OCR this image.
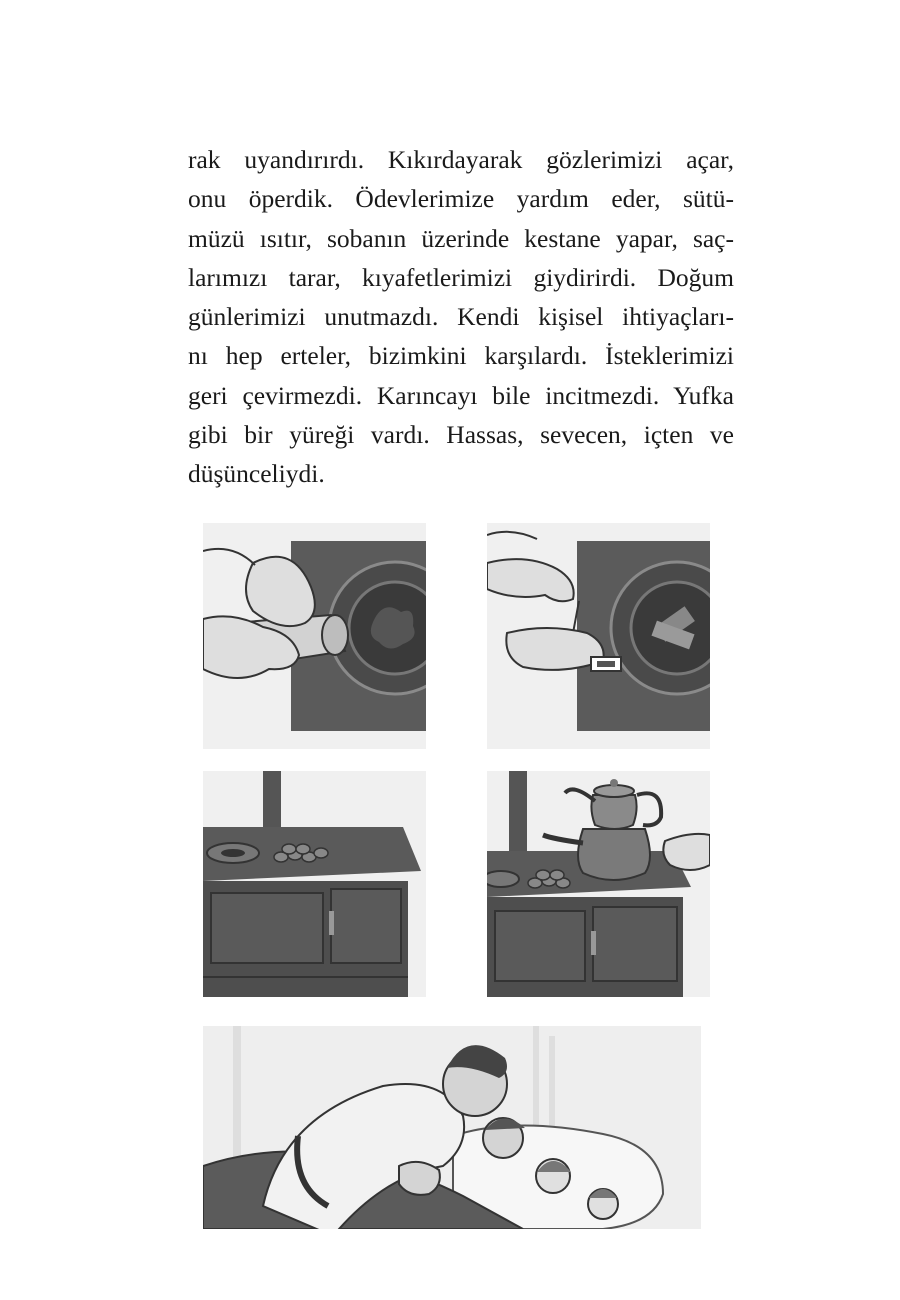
rak uyandırırdı. Kıkırdayarak gözlerimizi açar,
onu öperdik. Ödevlerimize yardım eder, sütü-
müzü ısıtır, sobanın üzerinde kestane yapar, saç-
larımızı tarar, kıyafetlerimizi giydirirdi. Doğum
günlerimizi unutmazdı. Kendi kişisel ihtiyaçları-
nı hep erteler, bizimkini karşılardı. İsteklerimizi
geri çevirmezdi. Karıncayı bile incitmezdi. Yufka
gibi bir yüreği vardı. Hassas, sevecen, içten ve
düşünceliydi.
